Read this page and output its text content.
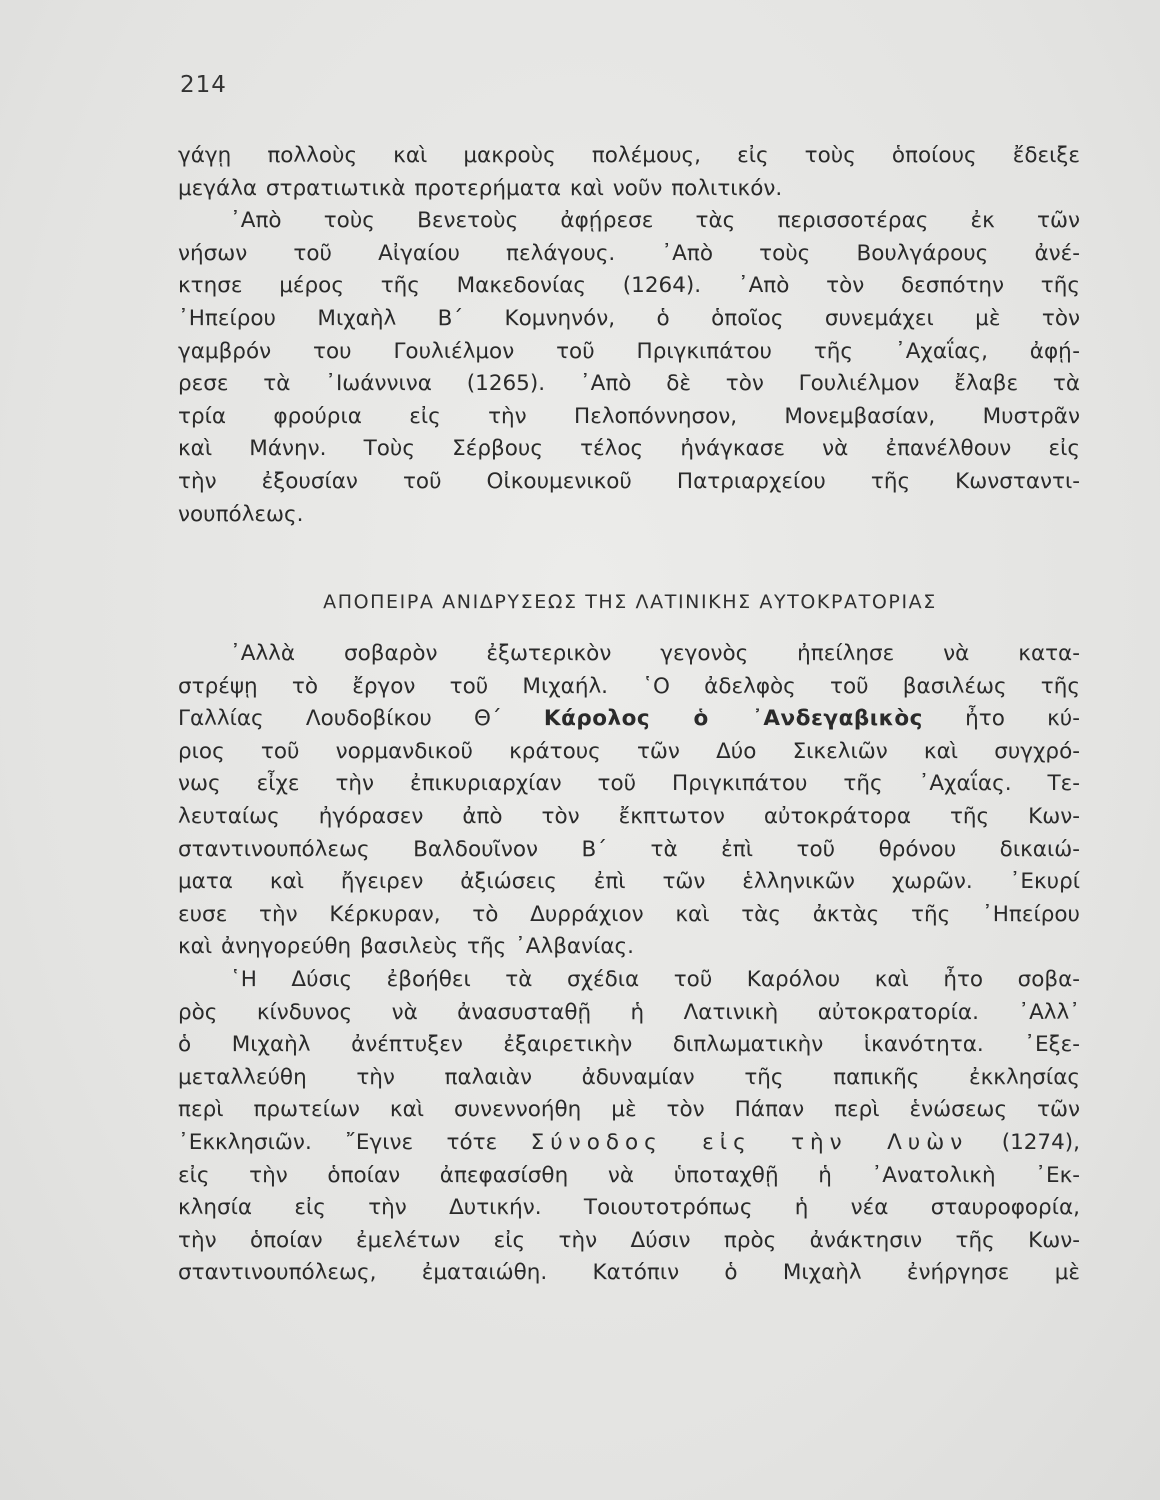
214
γάγῃ πολλοὺς καὶ μακροὺς πολέμους, εἰς τοὺς ὁποίους ἔδειξε
μεγάλα στρατιωτικὰ προτερήματα καὶ νοῦν πολιτικόν.
᾿Απὸ τοὺς Βενετοὺς ἀφῄρεσε τὰς περισσοτέρας ἐκ τῶν
νήσων τοῦ Αἰγαίου πελάγους. ᾿Απὸ τοὺς Βουλγάρους ἀνέ-
κτησε μέρος τῆς Μακεδονίας (1264). ᾿Απὸ τὸν δεσπότην τῆς
᾿Ηπείρου Μιχαὴλ Β΄ Κομνηνόν, ὁ ὁποῖος συνεμάχει μὲ τὸν
γαμβρόν του Γουλιέλμον τοῦ Πριγκιπάτου τῆς ᾿Αχαΐας, ἀφῄ-
ρεσε τὰ ᾿Ιωάννινα (1265). ᾿Απὸ δὲ τὸν Γουλιέλμον ἔλαβε τὰ
τρία φρούρια εἰς τὴν Πελοπόννησον, Μονεμβασίαν, Μυστρᾶν
καὶ Μάνην. Τοὺς Σέρβους τέλος ἠνάγκασε νὰ ἐπανέλθουν εἰς
τὴν ἐξουσίαν τοῦ Οἰκουμενικοῦ Πατριαρχείου τῆς Κωνσταντι-
νουπόλεως.
ΑΠΟΠΕΙΡΑ ΑΝΙΔΡΥΣΕΩΣ ΤΗΣ ΛΑΤΙΝΙΚΗΣ ΑΥΤΟΚΡΑΤΟΡΙΑΣ
᾿Αλλὰ σοβαρὸν ἐξωτερικὸν γεγονὸς ἠπείλησε νὰ κατα-
στρέψῃ τὸ ἔργον τοῦ Μιχαήλ. ῾Ο ἀδελφὸς τοῦ βασιλέως τῆς
Γαλλίας Λουδοβίκου Θ΄ Κάρολος ὁ ᾿Ανδεγαβικὸς ἦτο κύ-
ριος τοῦ νορμανδικοῦ κράτους τῶν Δύο Σικελιῶν καὶ συγχρό-
νως εἶχε τὴν ἐπικυριαρχίαν τοῦ Πριγκιπάτου τῆς ᾿Αχαΐας. Τε-
λευταίως ἠγόρασεν ἀπὸ τὸν ἔκπτωτον αὐτοκράτορα τῆς Κων-
σταντινουπόλεως Βαλδουῖνον Β΄ τὰ ἐπὶ τοῦ θρόνου δικαιώ-
ματα καὶ ἤγειρεν ἀξιώσεις ἐπὶ τῶν ἑλληνικῶν χωρῶν. ᾿Εκυρί
ευσε τὴν Κέρκυραν, τὸ Δυρράχιον καὶ τὰς ἀκτὰς τῆς ᾿Ηπείρου
καὶ ἀνηγορεύθη βασιλεὺς τῆς ᾿Αλβανίας.
῾Η Δύσις ἐβοήθει τὰ σχέδια τοῦ Καρόλου καὶ ἦτο σοβα-
ρὸς κίνδυνος νὰ ἀνασυσταθῇ ἡ Λατινικὴ αὐτοκρατορία. ᾿Αλλ᾿
ὁ Μιχαὴλ ἀνέπτυξεν ἐξαιρετικὴν διπλωματικὴν ἱκανότητα. ᾿Εξε-
μεταλλεύθη τὴν παλαιὰν ἀδυναμίαν τῆς παπικῆς ἐκκλησίας
περὶ πρωτείων καὶ συνεννοήθη μὲ τὸν Πάπαν περὶ ἑνώσεως τῶν
᾿Εκκλησιῶν. ῎Εγινε τότε Σύνοδος εἰς τὴν Λυὼν (1274),
εἰς τὴν ὁποίαν ἀπεφασίσθη νὰ ὑποταχθῇ ἡ ᾿Ανατολικὴ ᾿Εκ-
κλησία εἰς τὴν Δυτικήν. Τοιουτοτρόπως ἡ νέα σταυροφορία,
τὴν ὁποίαν ἐμελέτων εἰς τὴν Δύσιν πρὸς ἀνάκτησιν τῆς Κων-
σταντινουπόλεως, ἐματαιώθη. Κατόπιν ὁ Μιχαὴλ ἐνήργησε μὲ
